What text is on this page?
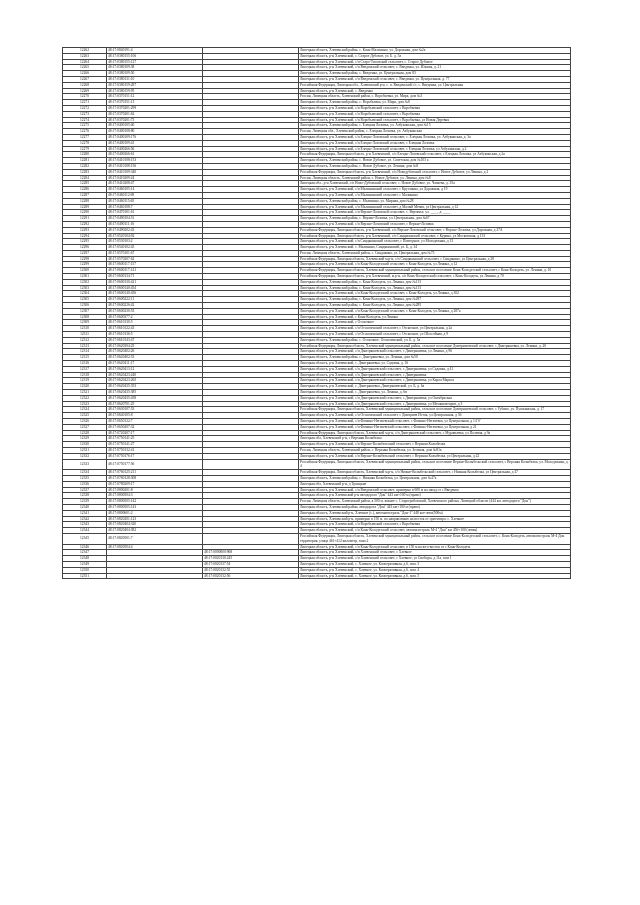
12262	48:17:0840191:4		Липецкая область, Хлевенский район, с. Конь-Малинино, ул. Дорожная, дом №2а
12263	48:17:0380155:106		Липецкая область, р-н Хлевенский, с. Старое Дубовое, ул. Б. д. 5а
12264	48:17:0380155:127		Липецкая область, р-н Хлевенский, с/п Старо-Тисовский сельсовет, с. Старое Дубовое
12265	48:17:0380109:38		Липецкая область, р-н Хлевенский, с/п Введенский сельсовет, с. Введенка, ул. Южная, д. 21
12266	48:17:0380109:50		Липецкая область, Хлевенский район, с. Введенка, ул. Центральная, дом 83
12267	48:17:0380131:10		Липецкая область, р-н Хлевенский, с/п Введенский сельсовет, с. Введенка, ул. Центральная, д. 77
12268	48:17:0380159:287		Российская Федерация, Липецкая обл., Хлевенский р-н, с. п. Введенский с/с, с. Введенка, ул. Центральная
12269	48:17:0380159:95		Липецкая область, р-н Хлевенский, с. Введенка
12270	48:17:0370151:12		Россия, Липецкая область, Хлевенский район, с. Воробьевка, ул. Мира, дом №3
12271	48:17:0370151:13		Липецкая область, Хлевенский район, с. Воробьевка, ул. Мира, дом №8
12272	48:17:0370201:299		Липецкая область, р-н Хлевенский, с/п Воробьевский сельсовет, с Воробьевка
12273	48:17:0370201:62		Липецкая область, р-н Хлевенский, с/п Воробьевский сельсовет, с Воробьевка
12274	48:17:0370201:75		Липецкая область, р-н Хлевенский, с/п Воробьевский сельсовет, с Воробьевка, ул Новая Деревня
12275	48:17:0400105:40		Липецкая область, Хлевенский район, с. Елецкая Лозовка, ул. Азбукинская, дом №15
12276	48:17:0400108:80		Россия, Липецкая обл., Хлевенский район, с. Елецкая Лозовка, ул. Азбукинская
12277	48:17:0400109:176		Липецкая область, р-н Хлевенский, с/п Елецко-Лозовский сельсовет, с. Елецкая Лозовка, ул. Азбукинская, д. 3а
12278	48:17:0400109:41		Липецкая область, р-н Хлевенский, с/п Елецко-Лозовский сельсовет, с Елецкая Лозовка
12279	48:17:0400266:56		Липецкая область, р-н Хлевенский, с/п Елецко-Лозовский сельсовет, с Елецкая Лозовка, ул Азбукинская, д 2
12280	48:17:0400266:61		Российская Федерация, Липецкая область, р-н Хлевенский, с/п Елецко-Лозовский сельсовет, с Елецкая Лозовка, ул Азбукинская, д 2а
12281	48:17:0410108:153		Липецкая область, Хлевенский район, с. Новое Дубовое, ул. Советская, дом №103 а
12282	48:17:0410108:156		Липецкая область, Хлевенский район, с. Новое Дубовое, ул. Ленина, дом №8
12283	48:17:0410109:340		Российская Федерация, Липецкая область, р-н Хлевенский, с/п Новодубовский сельсовет, с Новое Дубовое, ул Ленина, д 2
12284	48:17:0410209:24		Россия, Липецкая область, Хлевенский район, с. Новое Дубовое, ул. Ленина, дом №8
12285	48:17:0410208:47		Липецкая обл., р-н Хлевенский, с/п Ново-Дубовский сельсовет, с. Новое Дубовое, ул. Чапаева, д. 35а
12286	48:17:0460105:14		Липецкая область, р-н Хлевенский, с/п Малининский сельсовет, с Круглянка, ул Дорожная, д 19
12287	48:17:0460112:69		Липецкая область, р-н Хлевенский, с/п Малининский сельсовет, с Малинино
12288	48:17:0460115:65		Липецкая область, Хлевенский район, с. Малинино, ул. Мирная, дом №28
12289	48:17:0460108:7		Липецкая область, р-н Хлевенский, с/п Малининский сельсовет, д Малый Мечик, ул Центральная, д 12
12290	48:17:0470101:61		Липецкая область, р-н Хлевенский, с/п Верхне-Лозовской сельсовет, с. Вертячье, ул. ____, д. ____
12291	48:17:0490104:51		Липецкая область, Хлевенский район, с. Верхне-Лозовка, ул. Центральная, дом №67
12292	48:17:0490111:16		Липецкая область, р-н Хлевенский, с/п Верхне-Лозовский сельсовет, с Верхне-Лозовка
12293	48:17:0490202:43		Российская Федерация, Липецкая область, р-н Хлевенский, с/п Верхне-Лозовский сельсовет, с Верхне-Лозовка, ул Дорожная, д 27А
12294	48:17:0520104:92		Российская Федерация, Липецкая область, р-н Хлевенский, с/п Синдякинский сельсовет, с Курино, ул Московская, д 131
12295	48:17:0530103:2		Липецкая область, р-н Хлевенский, с/п Синдякинский сельсовет, с Повторное, ул Молодежная, д 13
12296	48:17:0540102:45		Липецкая область, р-н Хлевенский, с. Малинино, Синдякинский, ул. Б, д. 34
12297	48:17:0570101:67		Россия, Липецкая область, Хлевенский район, с. Синдякино, ул. Центральная, дом №73
12298	48:17:0570207:62		Российская Федерация, Липецкая область, Хлевенский м.р-н, с/п Синдякинский сельсовет, с Синдякино, ул Центральная, д 28
12299	48:17:0600117:157		Липецкая область, р-н Хлевенский, с/п Конь-Колодезский сельсовет, с Конь-Колодезь, ул Ленина, д 12
12300	48:17:0600117:141		Российская Федерация, Липецкая область, Хлевенский муниципальный район, сельское поселение Конь-Колодезский сельсовет, с Конь-Колодезь, ул. Ленина, д. 10
12301	48:17:0600134:71		Российская Федерация, Липецкая область, р-н Хлевенский, м.р-н, с/п Конь-Колодезский сельсовет, с Конь-Колодезь, ул Ленина, д 70
12302	48:17:0600130:421		Липецкая область, Хлевенский район, с. Конь-Колодезь, ул. Ленина, дом №113
12303	48:17:0600140:454		Липецкая область, Хлевенский район, с. Конь-Колодезь, ул. Ленина, дом №113
12304	48:17:0600140:456		Липецкая область, р-н Хлевенский, с/п Конь-Колодезский сельсовет, с Конь-Колодезь, ул Ленина, д 302
12305	48:17:0600222:11		Липецкая область, Хлевенский район, с. Конь-Колодезь, ул. Ленина, дом №287
12306	48:17:0600226:42		Липецкая область, Хлевенский район, с. Конь-Колодезь, ул. Ленина, дом №285
12307	48:17:0600230:53		Липецкая область, р-н Хлевенский, с/п Конь-Колодезский сельсовет, с Конь-Колодезь, ул Ленина, д 287а
12308	48:17:0600377:2		Липецкая область, р-н Хлевенский, с Конь-Колодезь, ул Ленина
12309	48:17:0610130:5		Липецкая область, р-н Хлевенский, с Отскочное
12310	48:17:0610122:43		Липецкая область, р-н Хлевенский, с/п Отскоченский сельсовет, с Отскочное, ул Центральная, д 2а
12311	48:17:0610136:5		Липецкая область, р-н Хлевенский, с/п Отскоченский сельсовет, с Отскочное, ул Шоссейная, д 9
12312	48:17:0610143:47		Липецкая область, Хлевенский район, с. Отскочное, Отскоченский, ул. Б, д. 5а
12313	48:17:0620304:25		Российская Федерация, Липецкая область, Хлевенский муниципальный район, сельское поселение Дмитряшевский сельсовет, с Дмитряшевка, ул. Ленина, д. 20
12314	48:17:0620402:26		Липецкая область, р-н Хлевенский, с/п Дмитряшевский сельсовет, с Дмитряшевка, ул Ленина, д 96
12315	48:17:0620402:53		Липецкая область, Хлевенский район, с. Дмитряшевка, ул. Ленина, дом №50
12316	48:17:0620411:17		Липецкая область, р-н Хлевенский, с. Дмитряшевка, ул. Садовая, д. 16
12317	48:17:0620413:12		Липецкая область, р-н Хлевенский, с/п Дмитряшевский сельсовет, с Дмитряшевка, ул Садовая, д 41
12318	48:17:0620423:240		Липецкая область, р-н Хлевенский, с/п Дмитряшевский сельсовет, с Дмитряшевка
12319	48:17:0620423:265		Липецкая область, р-н Хлевенский, с/п Дмитряшевский сельсовет, с Дмитряшевка, ул Карла Маркса
12320	48:17:0620435:353		Липецкая область, р-н Хлевенский, с. Дмитряшевка, Дмитряшевский, ул. Б, д. 6а
12321	48:17:0620435:385		Липецкая область, р-н Хлевенский, с. Дмитряшевка, ул. Ленина, д. 6в
12322	48:17:0620435:458		Липецкая область, р-н Хлевенский, с/п Дмитряшевский сельсовет, с Дмитряшевка, ул Октябрьская
12323	48:17:0620701:25		Липецкая область, р-н Хлевенский, с/п Дмитряшевский сельсовет, с Дмитряшевка, ул Механизаторов, д 3
12324	48:17:0630107:53		Российская Федерация, Липецкая область, Хлевенский муниципальный район, сельское поселение Дмитряшевский сельсовет, с Губино, ул. Пушкинская, д. 17
12325	48:17:0640105:8		Липецкая область, р-н Хлевенский, с/п Отскоченский сельсовет, с Дмитриев Исток, ул Центральная, д 36
12326	48:17:0650122:7		Липецкая область, р-н Хлевенский, с/п Фомино-Негачевский сельсовет, с Фомино-Негачевка, ул Центральная, д 14 'б'
12327	48:17:0650207:32		Липецкая область, р-н Хлевенский, с/п Фомино-Негачевский сельсовет, с Фомино-Негачевка, ул Центральная, д 21
12328	48:17:0720207:17		Российская Федерация, Липецкая область, Хлевенский м.р-н, с/п Дмитряшевский сельсовет, с Муравьевка, ул Полевая, д 9а
12329	48:17:0750141:25		Липецкая обл, Хлевенский р-н, с Верхняя Колыбелка
12330	48:17:0750141:27		Липецкая область, р-н Хлевенский, с/п Верхне-Колыбельский сельсовет, с Верхняя Колыбелка
12331	48:17:0750132:41		Россия, Липецкая область, Хлевенский район, с. Верхняя Колыбелка, ул. Зеленая, дом №81а
12332	48:17:0750176:17		Липецкая область, р-н Хлевенский, с/п Верхне-Колыбельский сельсовет, с Верхняя Колыбелка, ул Центральная, д 22
12333	48:17:0750177:56		Российская Федерация, Липецкая область, Хлевенский муниципальный район, сельское поселение Верхне-Колыбельский сельсовет, с Верхняя Колыбелка, ул. Молодежная, д. 4
12334	48:17:0760125:211		Российская Федерация, Липецкая область, Хлевенский м.р-н, с/п Нижне-Колыбельский сельсовет, с Нижняя Колыбелка, ул Центральная, д 47
12335	48:17:0760128:308		Липецкая область, Хлевенский район, с. Нижняя Колыбелка, ул. Центральная, дом №47а
12336	48:17:0780209:17		Липецкая обл, Хлевенский р-н, д Троицкие
12337	48:17:0800201:8		Липецкая область, р-н Хлевенский, с/п Введенский сельсовет, примерно в 600 м на запад от с Введенка
12338	48:17:0800504:3		Липецкая область, р-н Хлевенский р-н автодорога "Дон" 443 км+100 м (право)
12339	48:17:0800505:142		Россия, Липецкая область, Хлевенский район, в 500 м. южнее с. Старогрибовский, Хлевенского района, Липецкой области (444 км. автодороги "Дон")
12340	48:17:0800505:143		Липецкая область, Хлевенский район, автодорога "Дон" 443 км+100 м (право)
12341	48:17:0800601:2		Липецкая область, Хлевенский р-н, Хлевное (с.), автомагистраль "Дон-1" 448 км+лево(500м)
12342	48:17:0820201:123		Липецкая область, Хлевенский р-н, примерно в 150 м. по направлению на восток от ориентира: с. Хлевное
12343	48:17:0820404:320		Липецкая область, р-н Хлевенский, с/п Воробьевский сельсовет, с Воробьевка
12344	48:17:0820404:382		Липецкая область, р-н Хлевенский, с/п Конь-Колодезский сельсовет, автомагистраль М-4 "Дон" км 456+100 (левая)
12345	48:17:0820501:7		Российская Федерация, Липецкая область, Хлевенский муниципальный район, сельское поселение Конь-Колодезский сельсовет, с. Конь-Колодезь, автомагистраль М-4 Дон территория, улица 461+412 километр, зона 2
12346	48:17:0820504:4		Липецкая область, р-н Хлевенский, с/п Конь-Колодезский сельсовет, в 150 м на юго-восток от с Конь-Колодезь
12347		48:17:0000000:968	Липецкая область, р-н Хлевенский, с/п Хлевенский сельсовет, с Хлевное
12348		48:17:0020130:245	Липецкая область, р-н Хлевенский, с/п Хлевенский сельсовет, с Хлевное, ул Свободы, д 11а, пом 1
12349		48:17:0020137:54	Липецкая область, р-н Хлевенский, с. Хлевное, ул. Кооперативная, д.6, пом. 3
12350		48:17:0020132:55	Липецкая область, р-н Хлевенский, с. Хлевное, ул. Кооперативная, д.6, пом. 4
12351		48:17:0020132:56	Липецкая область, р-н Хлевенский, с. Хлевное, ул. Кооперативная, д.6, пом. 5
